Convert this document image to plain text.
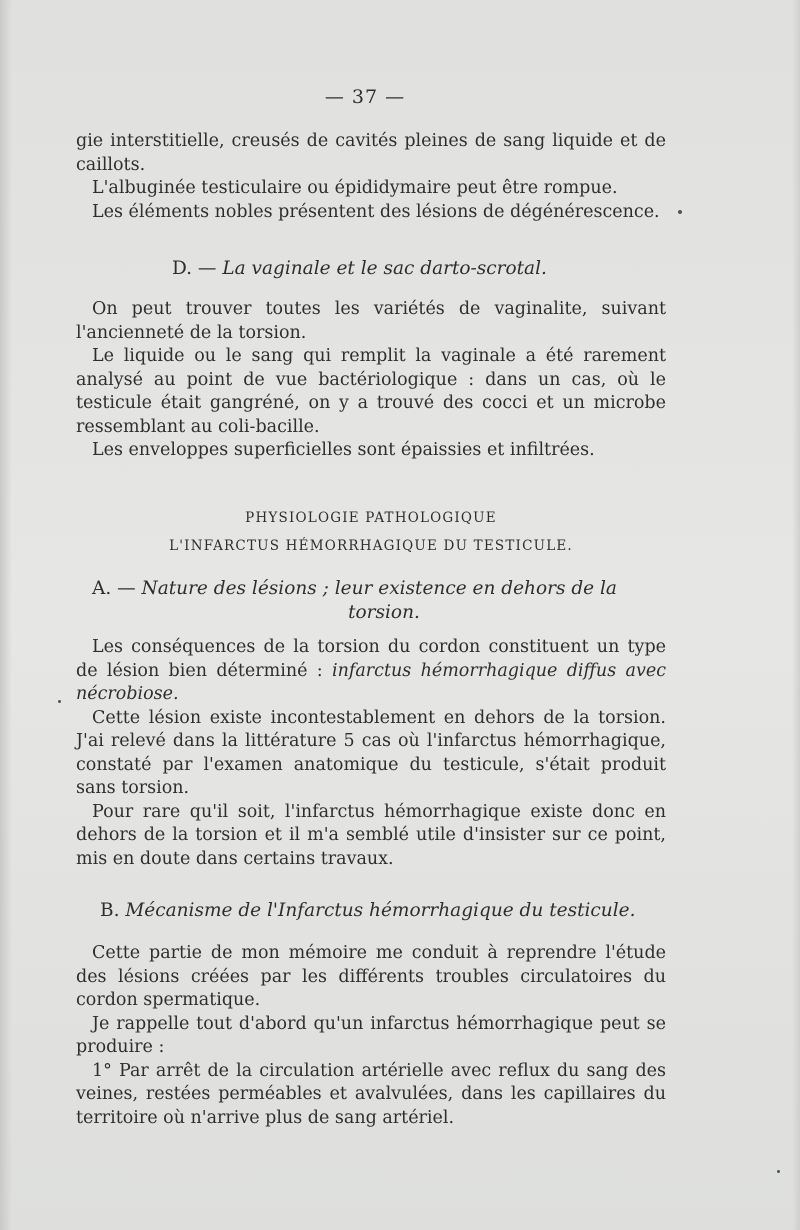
— 37 —

gie interstitielle, creusés de cavités pleines de sang liquide et de caillots.

L'albuginée testiculaire ou épididymaire peut être rompue.

Les éléments nobles présentent des lésions de dégénérescence.

D. — La vaginale et le sac darto-scrotal.

On peut trouver toutes les variétés de vaginalite, suivant l'ancienneté de la torsion.

Le liquide ou le sang qui remplit la vaginale a été rarement analysé au point de vue bactériologique : dans un cas, où le testicule était gangréné, on y a trouvé des cocci et un microbe ressemblant au coli-bacille.

Les enveloppes superficielles sont épaissies et infiltrées.

PHYSIOLOGIE PATHOLOGIQUE
L'INFARCTUS HÉMORRHAGIQUE DU TESTICULE.
A. — Nature des lésions ; leur existence en dehors de la
torsion.

Les conséquences de la torsion du cordon constituent un type de lésion bien déterminé : infarctus hémorrhagique diffus avec nécrobiose.

Cette lésion existe incontestablement en dehors de la torsion. J'ai relevé dans la littérature 5 cas où l'infarctus hémorrhagique, constaté par l'examen anatomique du testicule, s'était produit sans torsion.

Pour rare qu'il soit, l'infarctus hémorrhagique existe donc en dehors de la torsion et il m'a semblé utile d'insister sur ce point, mis en doute dans certains travaux.

B. Mécanisme de l'Infarctus hémorrhagique du testicule.

Cette partie de mon mémoire me conduit à reprendre l'étude des lésions créées par les différents troubles circulatoires du cordon spermatique.

Je rappelle tout d'abord qu'un infarctus hémorrhagique peut se produire :

1° Par arrêt de la circulation artérielle avec reflux du sang des veines, restées perméables et avalvulées, dans les capillaires du territoire où n'arrive plus de sang artériel.
